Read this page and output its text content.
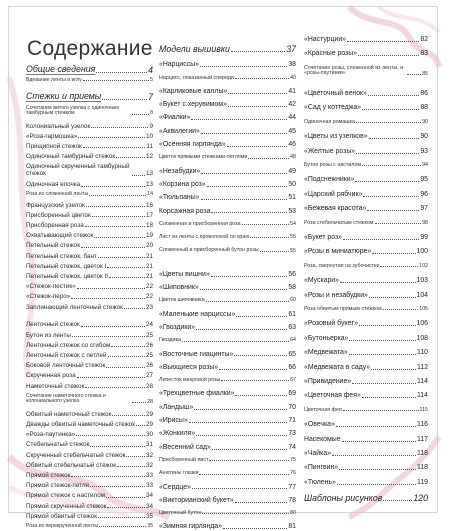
Содержание
Общие сведения	4
Вдевание ленты в иглу	5
Стежки и приемы	7
Сочетание витого узелка с одиночным тамбурным стежком	8
Колониальный узелок	9
«Роза-гармошка»	10
Прищипной стежок	11
Одиночный тамбурный стежок	12
Одиночный скрученный тамбурный стежок	13
Одиночная епочка	13
Роза из сложенной ленты	14
Французский узелок	16
Присборенный цветок	17
Присборенная роза	18
Охватывающий стежок	19
Петельный стежок	20
Петельный стежок, бант	21
Петельный стежок, цветок I	21
Петельный стежок, цветок II	21
«Стежок-пестик»	22
«Стежок-перо»	22
Заплинающий ленточный стежок	23
Ленточный стежок	24
Бутон из ленты	25
Ленточный стежок со сгибом	26
Ленточный стежок с петлей	25
Боковой ленточный стежок	26
Скрученная роза	27
Наметочный стежок	28
Сочетание наметочного стежка и колониального узелка	28
Обвитый наметочный стежок	29
Дважды обвитый наметочный стежок 29
«Роза-паутинка»	30
Стебельчатый стежок	31
Скрученный стебельчатый стежок	32
Обвитый стебельчатый стежок	32
Прямой стежок	33
Прямой стежок-петля	33
Прямой стежок с настилом	34
Прямой скрученный стежок	34
Прямой обвитый стежок	35
Роза из перекрученной ленты	35
Модели вышивки	37
«Нарциссы»	38
Нарцисс, показанный спереди	40
«Карликовые каллы»	41
«Букет с херувимом»	42
«Фиалки»	44
«Аквилегии»	45
«Осенняя гирлянда»	46
Цветок прямыми стежками-петлями	48
«Незабудки»	49
«Корзина роз»	50
«Тюльпаны»	51
Корсажная роза	53
Сложенная и присборенная роза	54
Лист из ленты с проволокой по краю	55
Сложенный и присборенный бутон розы	55
«Цветы вишни»	56
«Шиповник»	58
Цветок шиповника	60
«Маленькие нарциссы»	61
«Гвоздики»	63
Гвоздика	64
«Восточные гиацинты»	65
«Вьющиеся розы»	66
Лепесток махровой розы	67
«Трехцветные фиалки»	69
«Ландыш»	70
«Ирисы»	71
«Жонкиля»	73
«Весенний сад»	74
Присборенный лист	75
Анютины глазки	76
«Сердце»	77
«Викторианский букет»	78
Цветочный бутон	80
«Зимняя гирлянда»	81
«Настурции»	82
«Красные розы»	83
Сочетание розы, сложенной из ленты, и «розы-паутинки»	85
«Цветочный венок»	86
«Сад у коттеджа»	88
Одиночная ромашка	90
«Цветы из узелков»	90
«Желтые розы»	93
Бутон розы с настилом	94
«Подснежники»	95
«Царский рябчик»	96
«Бежевая красота»	97
Роза стебельчатым стежком	98
«Букет роз»	99
«Розы в миниатюре»	100
Роза, свернутая на зубочистке	102
«Мускари»	103
«Розы и незабудки»	104
Роза обвитым прямым стежком	105
«Розовый букет»	106
«Бутоньерка»	108
«Медвежата»	110
«Медвежата в саду»	112
«Привидение»	114
«Цветочная фея»	114
Цветочная фея	115
«Овечка»	116
Насекомые	117
«Чайка»	118
«Пингвин»	118
«Тюлень»	119
Шаблоны рисунков	120
